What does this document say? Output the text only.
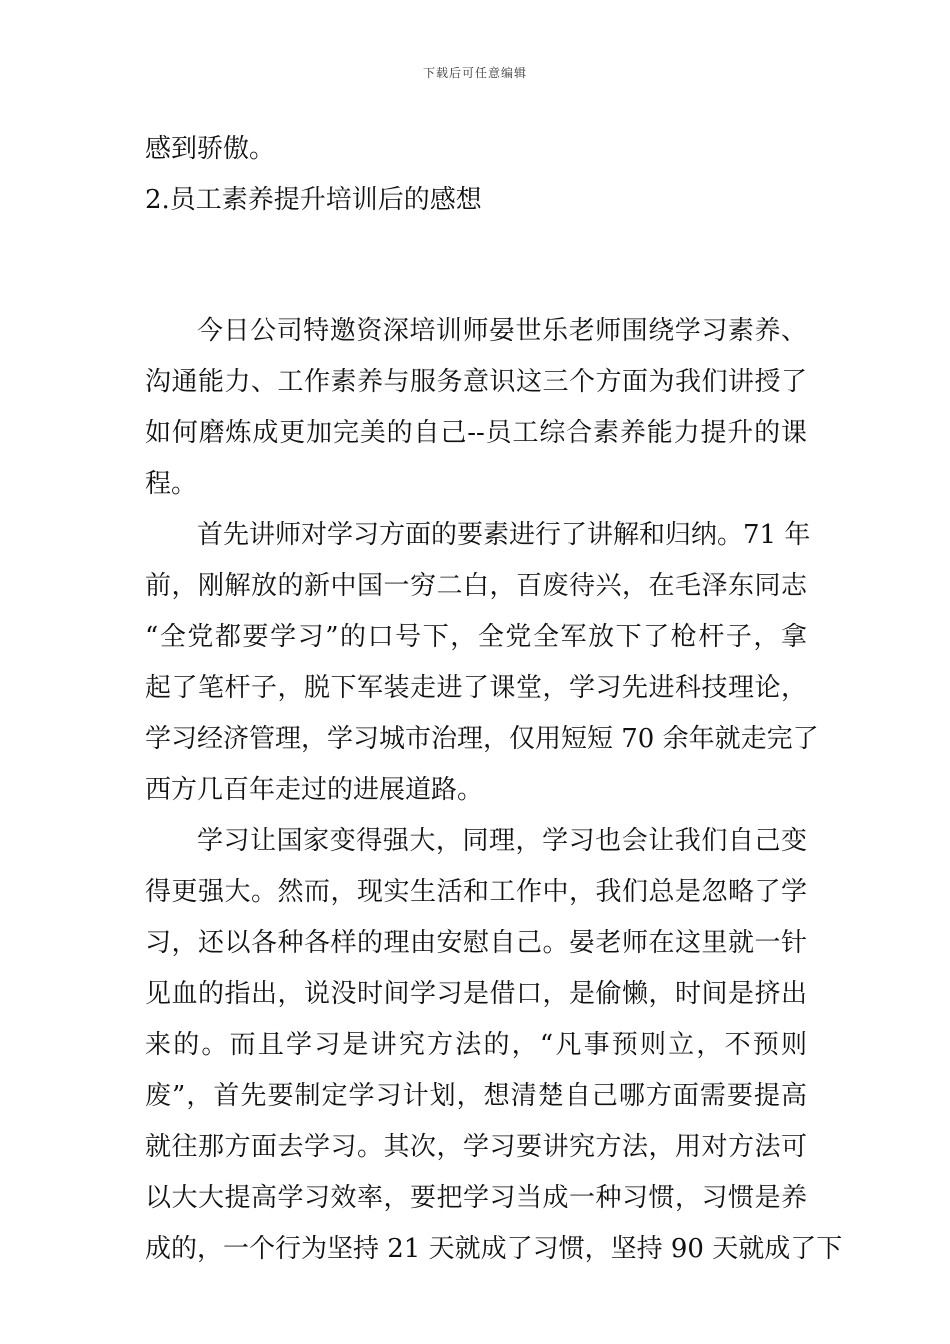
下载后可任意编辑

感到骄傲。

2.员工素养提升培训后的感想

今日公司特邀资深培训师晏世乐老师围绕学习素养、

沟通能力、工作素养与服务意识这三个方面为我们讲授了

如何磨炼成更加完美的自己--员工综合素养能力提升的课

程。

首先讲师对学习方面的要素进行了讲解和归纳。71 年

前，刚解放的新中国一穷二白，百废待兴，在毛泽东同志

“全党都要学习”的口号下，全党全军放下了枪杆子，拿

起了笔杆子，脱下军装走进了课堂，学习先进科技理论，

学习经济管理，学习城市治理，仅用短短 70 余年就走完了

西方几百年走过的进展道路。

学习让国家变得强大，同理，学习也会让我们自己变

得更强大。然而，现实生活和工作中，我们总是忽略了学

习，还以各种各样的理由安慰自己。晏老师在这里就一针

见血的指出，说没时间学习是借口，是偷懒，时间是挤出

来的。而且学习是讲究方法的，“凡事预则立，不预则

废”，首先要制定学习计划，想清楚自己哪方面需要提高

就往那方面去学习。其次，学习要讲究方法，用对方法可

以大大提高学习效率，要把学习当成一种习惯，习惯是养

成的，一个行为坚持 21 天就成了习惯，坚持 90 天就成了下
